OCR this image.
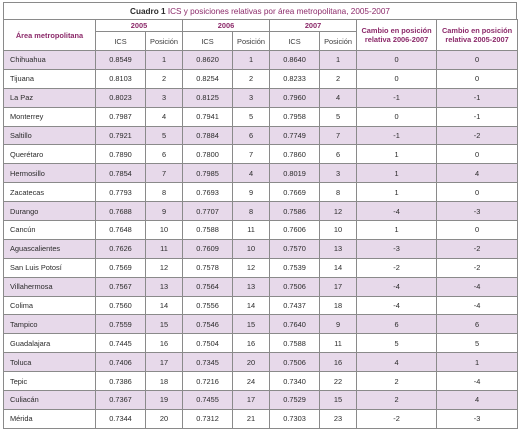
Cuadro 1 ICS y posiciones relativas por área metropolitana, 2005-2007
Área metropolitana	2005		2006		2007		Cambio en posición relativa 2006-2007	Cambio en posición relativa 2005-2007
	ICS	Posición	ICS	Posición	ICS	Posición		
Chihuahua	0.8549	1	0.8620	1	0.8640	1	0	0
Tijuana	0.8103	2	0.8254	2	0.8233	2	0	0
La Paz	0.8023	3	0.8125	3	0.7960	4	-1	-1
Monterrey	0.7987	4	0.7941	5	0.7958	5	0	-1
Saltillo	0.7921	5	0.7884	6	0.7749	7	-1	-2
Querétaro	0.7890	6	0.7800	7	0.7860	6	1	0
Hermosillo	0.7854	7	0.7985	4	0.8019	3	1	4
Zacatecas	0.7793	8	0.7693	9	0.7669	8	1	0
Durango	0.7688	9	0.7707	8	0.7586	12	-4	-3
Cancún	0.7648	10	0.7588	11	0.7606	10	1	0
Aguascalientes	0.7626	11	0.7609	10	0.7570	13	-3	-2
San Luis Potosí	0.7569	12	0.7578	12	0.7539	14	-2	-2
Villahermosa	0.7567	13	0.7564	13	0.7506	17	-4	-4
Colima	0.7560	14	0.7556	14	0.7437	18	-4	-4
Tampico	0.7559	15	0.7546	15	0.7640	9	6	6
Guadalajara	0.7445	16	0.7504	16	0.7588	11	5	5
Toluca	0.7406	17	0.7345	20	0.7506	16	4	1
Tepic	0.7386	18	0.7216	24	0.7340	22	2	-4
Culiacán	0.7367	19	0.7455	17	0.7529	15	2	4
Mérida	0.7344	20	0.7312	21	0.7303	23	-2	-3
